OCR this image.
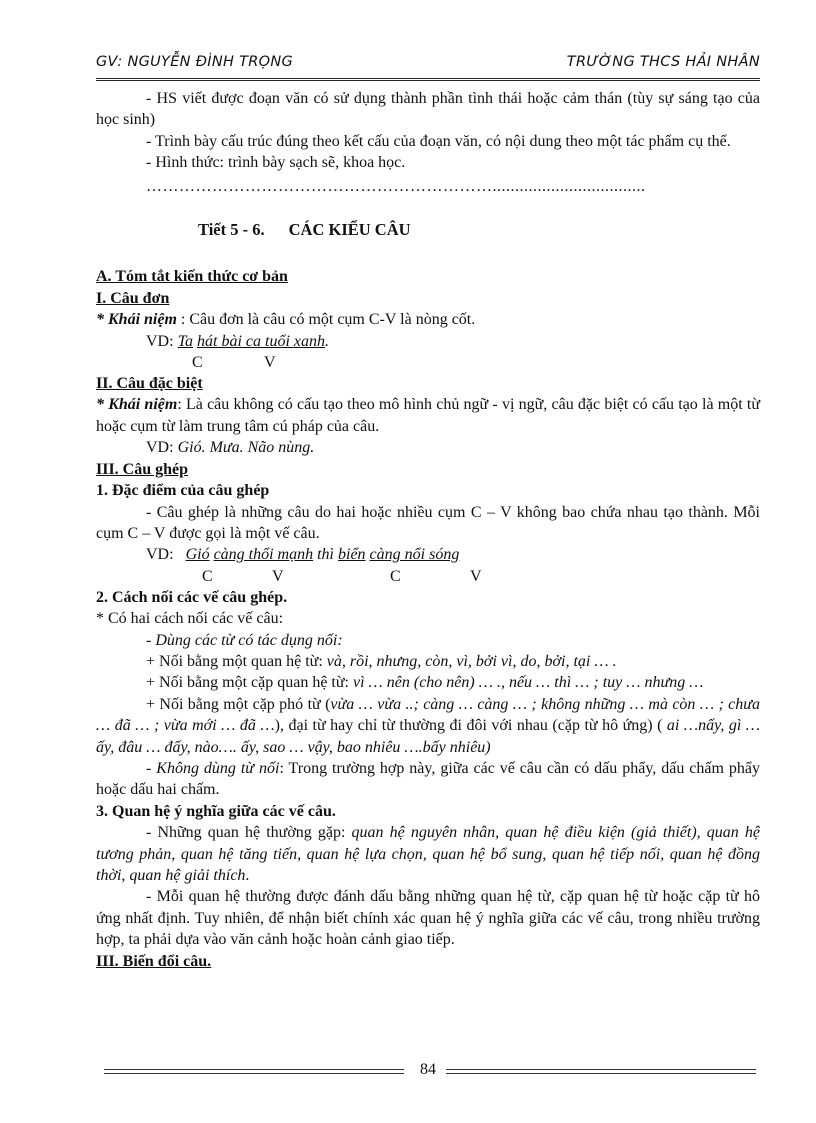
GV: NGUYỄN ĐÌNH TRỌNG	TRƯỜNG THCS HẢI NHÂN

- HS viết được đoạn văn có sử dụng thành phần tình thái hoặc cảm thán (tùy sự sáng tạo của học sinh)

- Trình bày cấu trúc đúng theo kết cấu của đoạn văn, có nội dung theo một tác phẩm cụ thể.

- Hình thức: trình bày sạch sẽ, khoa học.

………………………………………………………..................................

Tiết 5 - 6. CÁC KIỂU CÂU

A. Tóm tắt kiến thức cơ bản

I. Câu đơn

* Khái niệm : Câu đơn là câu có một cụm C-V là nòng cốt.

VD: Ta hát bài ca tuổi xanh.

C	V

II. Câu đặc biệt

* Khái niệm: Là câu không có cấu tạo theo mô hình chủ ngữ - vị ngữ, câu đặc biệt có cấu tạo là một từ hoặc cụm từ làm trung tâm cú pháp của câu.

VD: Gió. Mưa. Não nùng.

III. Câu ghép

1. Đặc điểm của câu ghép

- Câu ghép là những câu do hai hoặc nhiều cụm C – V không bao chứa nhau tạo thành. Mỗi cụm C – V được gọi là một vế câu.

VD:   Gió càng thổi mạnh thì biển càng nổi sóng

C	V	C	V

2. Cách nối các vế câu ghép.

* Có hai cách nối các vế câu:

- Dùng các từ có tác dụng nối:

+ Nối bằng một quan hệ từ: và, rồi, nhưng, còn, vì, bởi vì, do, bởi, tại … .

+ Nối bằng một cặp quan hệ từ: vì … nên (cho nên) … ., nếu … thì … ; tuy … nhưng …

+ Nối bằng một cặp phó từ (vừa … vừa ..; càng … càng … ; không những … mà còn … ; chưa … đã … ; vừa mới … đã …), đại từ hay chỉ từ thường đi đôi với nhau (cặp từ hô ứng) ( ai …nấy, gì … ấy, đâu … đấy, nào…. ấy, sao … vậy, bao nhiêu ….bấy nhiêu)

- Không dùng từ nối: Trong trường hợp này, giữa các vế câu cần có dấu phẩy, dấu chấm phẩy hoặc dấu hai chấm.

3. Quan hệ ý nghĩa giữa các vế câu.

- Những quan hệ thường gặp: quan hệ nguyên nhân, quan hệ điều kiện (giả thiết), quan hệ tương phản, quan hệ tăng tiến, quan hệ lựa chọn, quan hệ bổ sung, quan hệ tiếp nối, quan hệ đồng thời, quan hệ giải thích.

- Mỗi quan hệ thường được đánh dấu bằng những quan hệ từ, cặp quan hệ từ hoặc cặp từ hô ứng nhất định. Tuy nhiên, để nhận biết chính xác quan hệ ý nghĩa giữa các vế câu, trong nhiều trường hợp, ta phải dựa vào văn cảnh hoặc hoàn cảnh giao tiếp.

III. Biến đổi câu.

84
